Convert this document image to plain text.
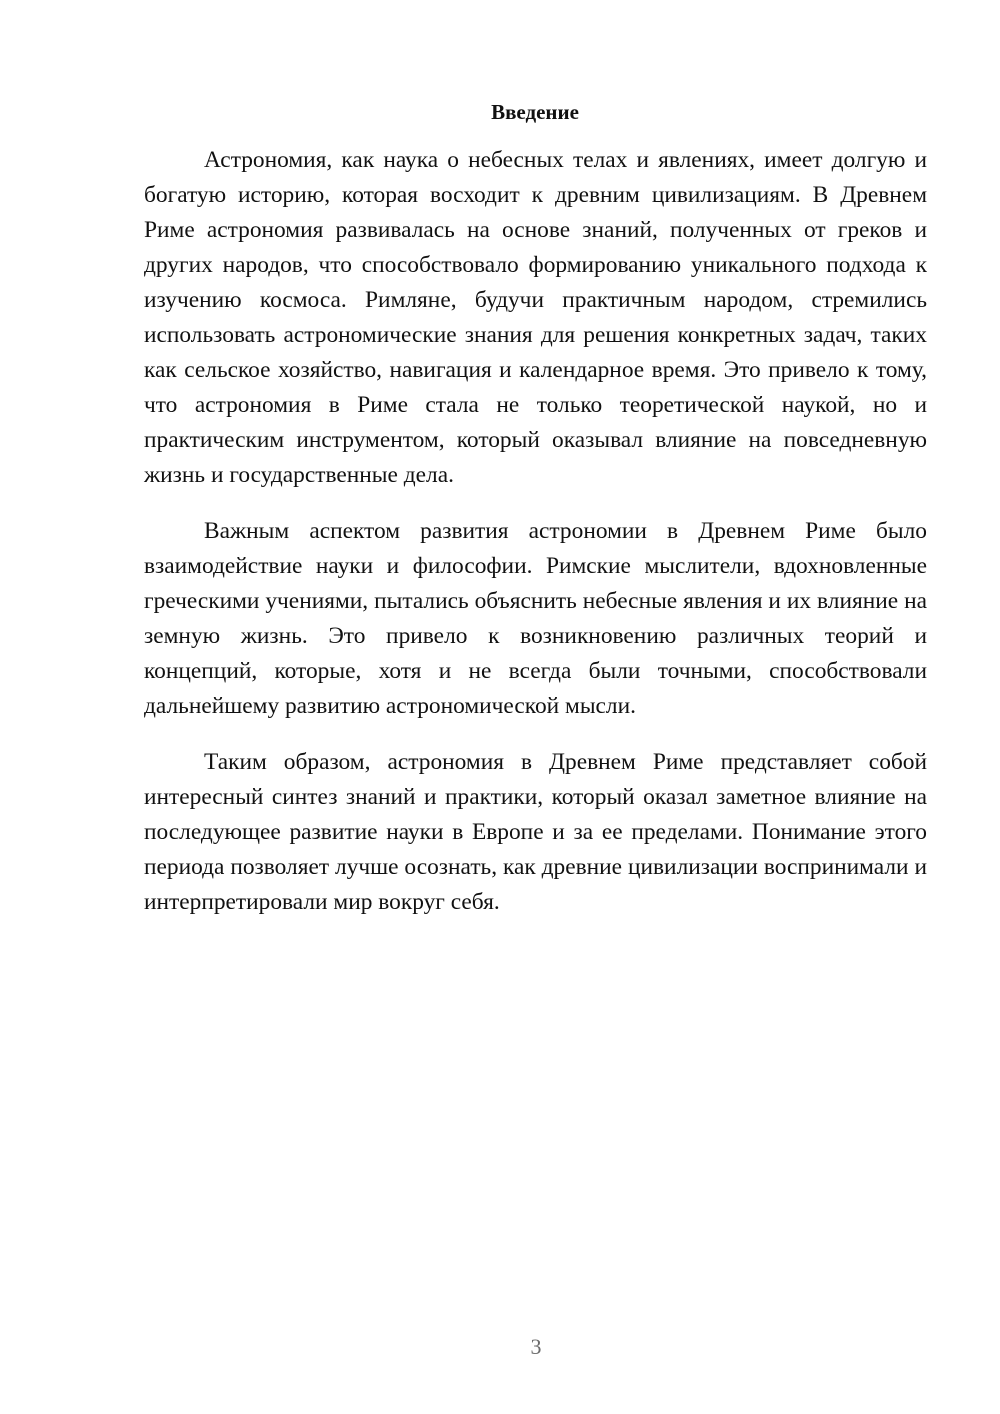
Введение

Астрономия, как наука о небесных телах и явлениях, имеет долгую и богатую историю, которая восходит к древним цивилизациям. В Древнем Риме астрономия развивалась на основе знаний, полученных от греков и других народов, что способствовало формированию уникального подхода к изучению космоса. Римляне, будучи практичным народом, стремились использовать астрономические знания для решения конкретных задач, таких как сельское хозяйство, навигация и календарное время. Это привело к тому, что астрономия в Риме стала не только теоретической наукой, но и практическим инструментом, который оказывал влияние на повседневную жизнь и государственные дела.

Важным аспектом развития астрономии в Древнем Риме было взаимодействие науки и философии. Римские мыслители, вдохновленные греческими учениями, пытались объяснить небесные явления и их влияние на земную жизнь. Это привело к возникновению различных теорий и концепций, которые, хотя и не всегда были точными, способствовали дальнейшему развитию астрономической мысли.

Таким образом, астрономия в Древнем Риме представляет собой интересный синтез знаний и практики, который оказал заметное влияние на последующее развитие науки в Европе и за ее пределами. Понимание этого периода позволяет лучше осознать, как древние цивилизации воспринимали и интерпретировали мир вокруг себя.

3
